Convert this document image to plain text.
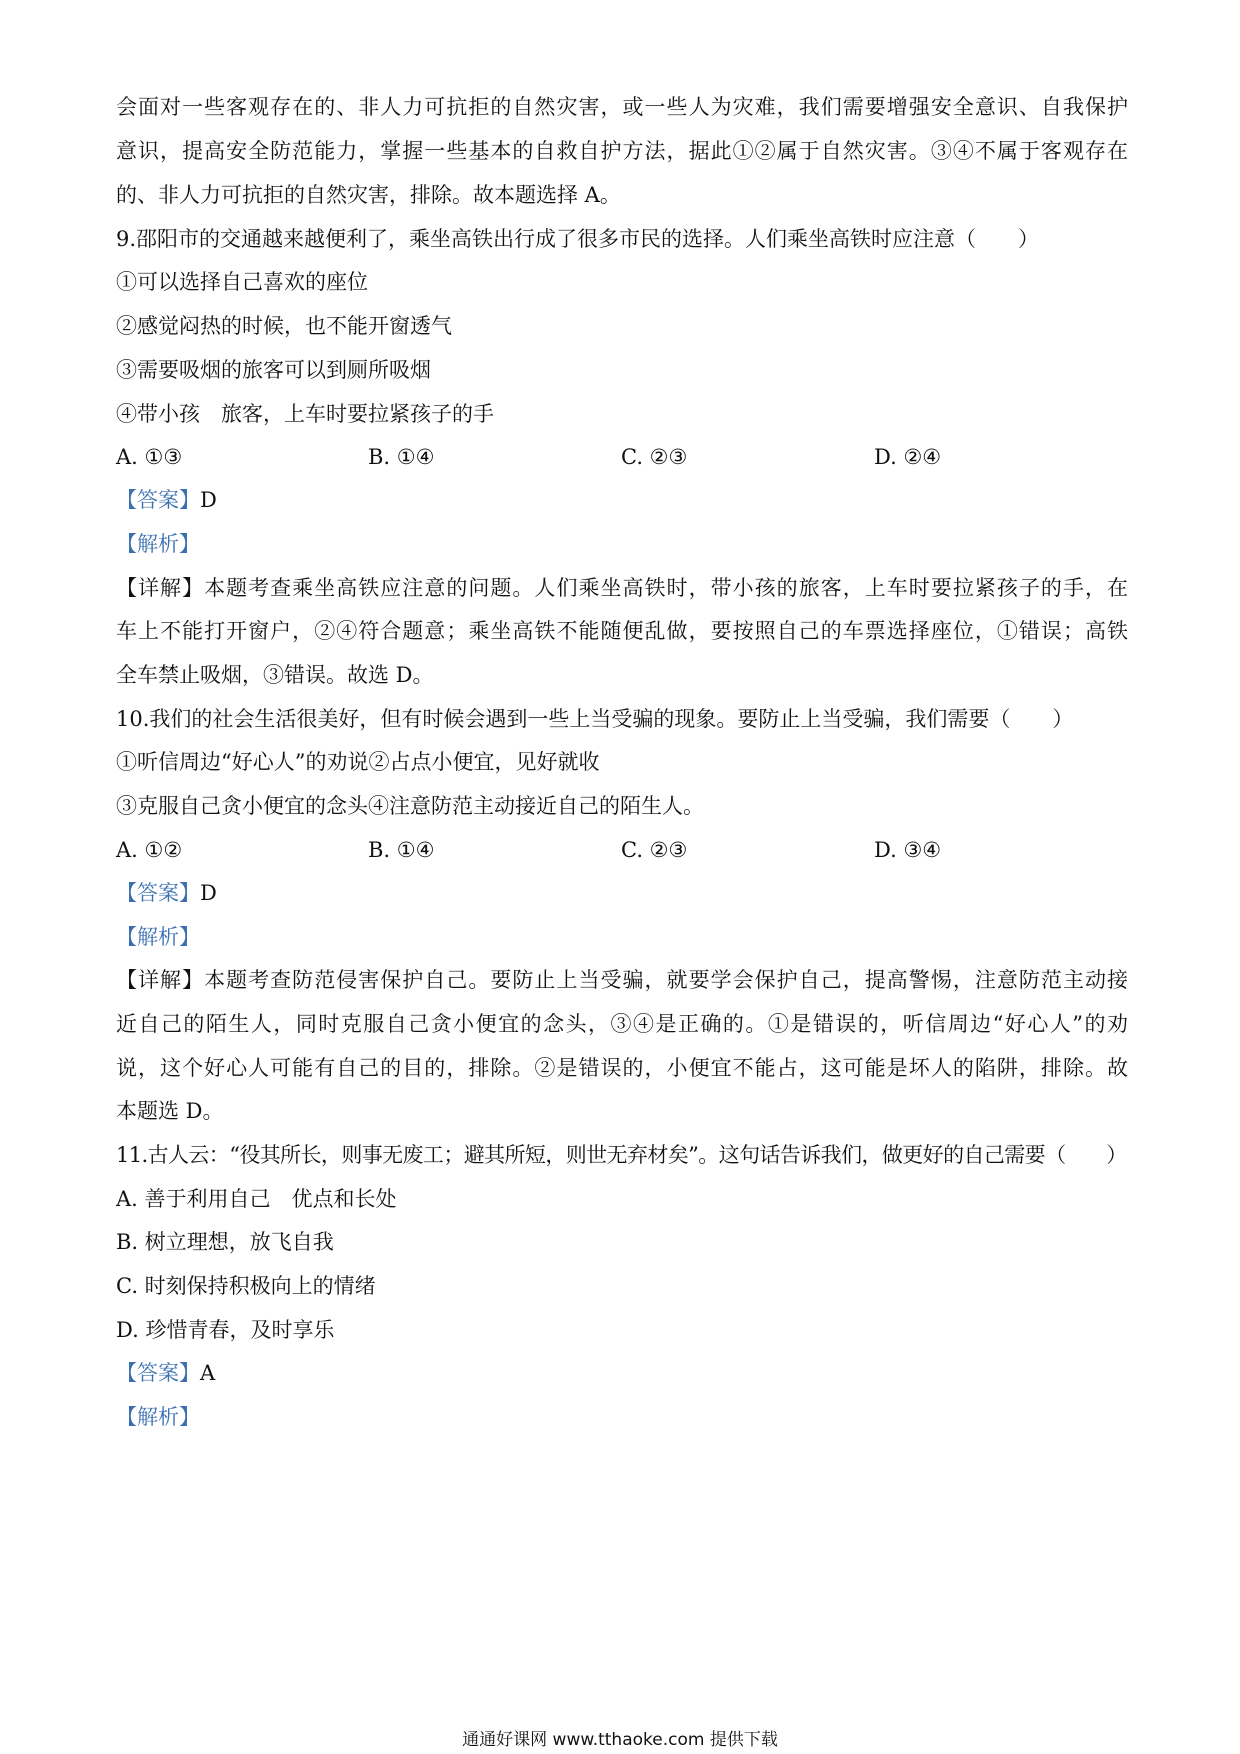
会面对一些客观存在的、非人力可抗拒的自然灾害，或一些人为灾难，我们需要增强安全意识、自我保护
意识，提高安全防范能力，掌握一些基本的自救自护方法，据此①②属于自然灾害。③④不属于客观存在
的、非人力可抗拒的自然灾害，排除。故本题选择 A。
9.邵阳市的交通越来越便利了，乘坐高铁出行成了很多市民的选择。人们乘坐高铁时应注意（　　）
①可以选择自己喜欢的座位
②感觉闷热的时候，也不能开窗透气
③需要吸烟的旅客可以到厕所吸烟
④带小孩　旅客，上车时要拉紧孩子的手
A. ①③	B. ①④	C. ②③	D. ②④
【答案】D
【解析】
【详解】本题考查乘坐高铁应注意的问题。人们乘坐高铁时，带小孩的旅客，上车时要拉紧孩子的手，在
车上不能打开窗户，②④符合题意；乘坐高铁不能随便乱做，要按照自己的车票选择座位，①错误；高铁
全车禁止吸烟，③错误。故选 D。
10.我们的社会生活很美好，但有时候会遇到一些上当受骗的现象。要防止上当受骗，我们需要（　　）
①听信周边“好心人”的劝说②占点小便宜，见好就收
③克服自己贪小便宜的念头④注意防范主动接近自己的陌生人。
A. ①②	B. ①④	C. ②③	D. ③④
【答案】D
【解析】
【详解】本题考查防范侵害保护自己。要防止上当受骗，就要学会保护自己，提高警惕，注意防范主动接
近自己的陌生人，同时克服自己贪小便宜的念头，③④是正确的。①是错误的，听信周边“好心人”的劝
说，这个好心人可能有自己的目的，排除。②是错误的，小便宜不能占，这可能是坏人的陷阱，排除。故
本题选 D。
11.古人云：“役其所长，则事无废工；避其所短，则世无弃材矣”。这句话告诉我们，做更好的自己需要（　　）
A. 善于利用自己　优点和长处
B. 树立理想，放飞自我
C. 时刻保持积极向上的情绪
D. 珍惜青春，及时享乐
【答案】A
【解析】
通通好课网 www.tthaoke.com 提供下载
